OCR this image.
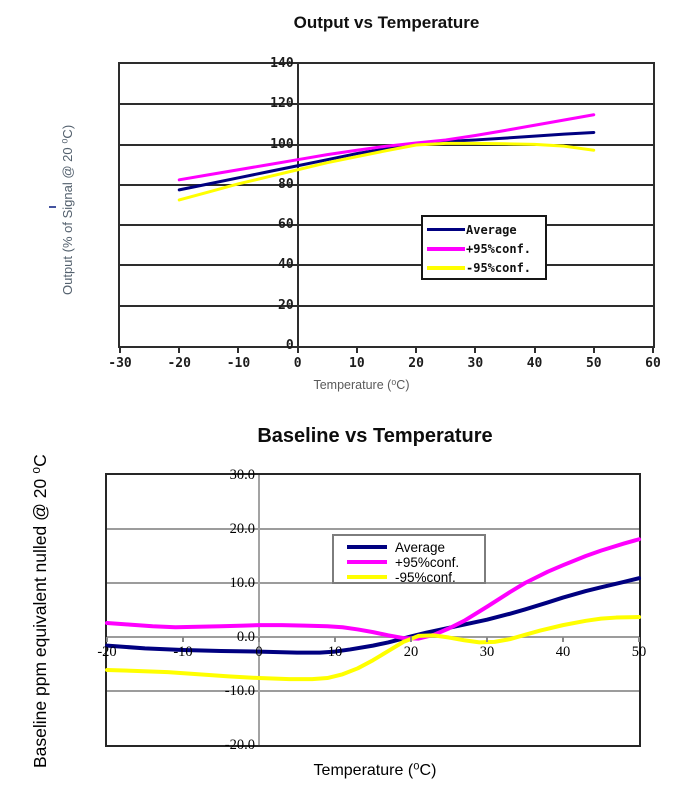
Output vs Temperature
Output (% of Signal @ 20 ⁰C)
140
120
100
80
60
40
20
0
-30	-20	-10	0	10	20	30	40	50	60
Average
+95%conf.
-95%conf.
Temperature (⁰C)
Baseline vs Temperature
Baseline ppm equivalent nulled @ 20 ⁰C	30.0
20.0
10.0
0.0
-10.0
-20.0
-20	-10	0	10	20	30	40	50
Average
+95%conf.
-95%conf.
Temperature (⁰C)
